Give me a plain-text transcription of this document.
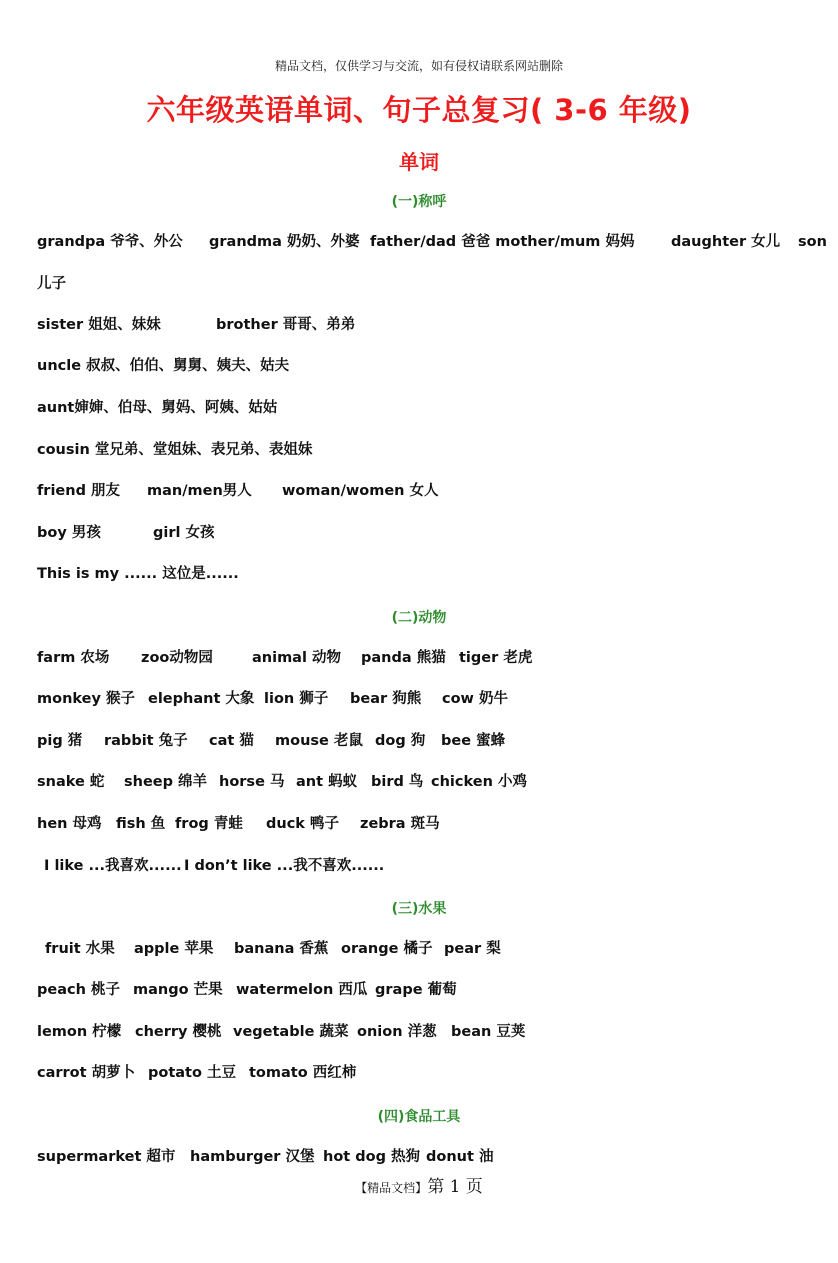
精品文档，仅供学习与交流，如有侵权请联系网站删除
六年级英语单词、句子总复习( 3-6 年级)
单词
(一)称呼
grandpa 爷爷、外公 grandma 奶奶、外婆 father/dad 爸爸 mother/mum 妈妈	daughter 女儿 son
儿子
sister 姐姐、妹妹	brother 哥哥、弟弟
uncle 叔叔、伯伯、舅舅、姨夫、姑夫
aunt婶婶、伯母、舅妈、阿姨、姑姑
cousin 堂兄弟、堂姐妹、表兄弟、表姐妹
friend 朋友 man/men男人 woman/women 女人
boy 男孩	girl 女孩
This is my ...... 这位是......
(二)动物
farm 农场 zoo动物园	animal 动物 panda 熊猫 tiger 老虎
monkey 猴子 elephant 大象 lion 狮子 bear 狗熊 cow 奶牛
pig 猪 rabbit 兔子 cat 猫 mouse 老鼠 dog 狗 bee 蜜蜂
snake 蛇 sheep 绵羊 horse 马 ant 蚂蚁 bird 鸟 chicken 小鸡
hen 母鸡 fish 鱼 frog 青蛙 duck 鸭子 zebra 斑马
I like ...我喜欢...... I don’t like ...我不喜欢......
(三)水果
fruit 水果 apple 苹果 banana 香蕉 orange 橘子 pear 梨
peach 桃子 mango 芒果 watermelon 西瓜 grape 葡萄
lemon 柠檬 cherry 樱桃 vegetable 蔬菜 onion 洋葱 bean 豆荚
carrot 胡萝卜 potato 土豆 tomato 西红柿
(四)食品工具
supermarket 超市 hamburger 汉堡 hot dog 热狗 donut 油
【精品文档】第 1 页
